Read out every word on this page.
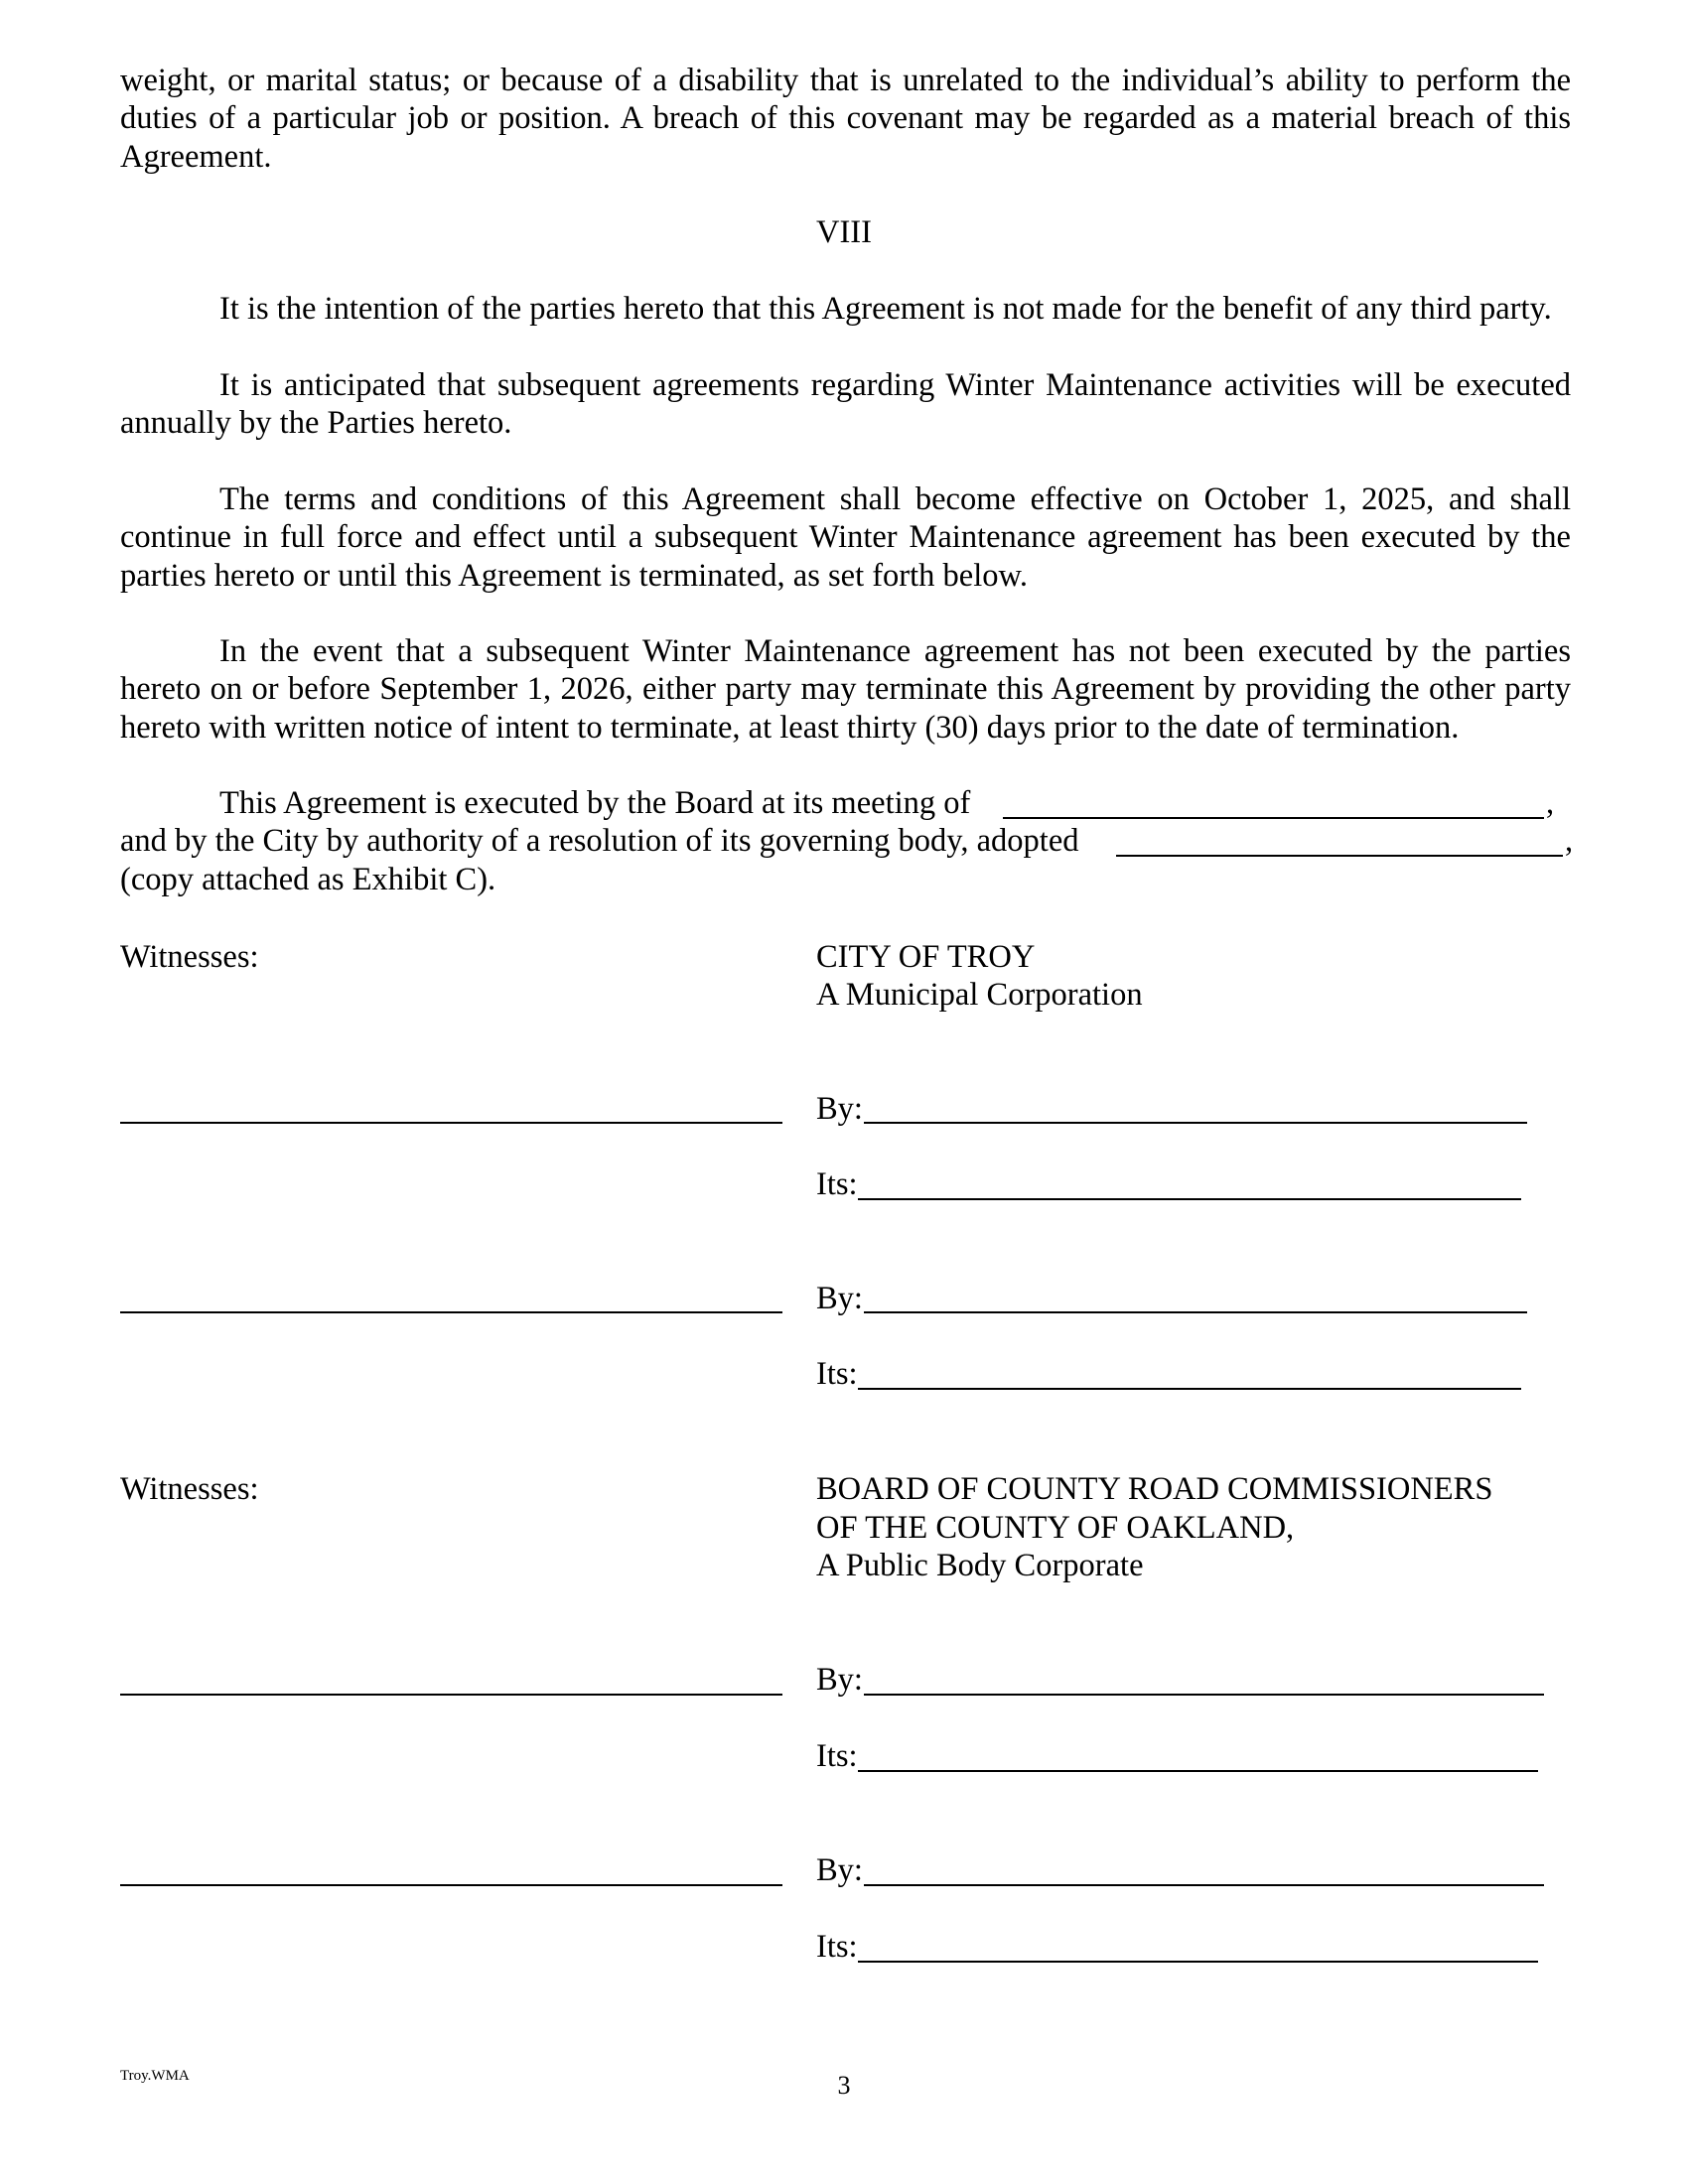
weight, or marital status; or because of a disability that is unrelated to the individual’s ability to perform the
duties of a particular job or position. A breach of this covenant may be regarded as a material breach of this
Agreement.
VIII
It is the intention of the parties hereto that this Agreement is not made for the benefit of any third party.
It is anticipated that subsequent agreements regarding Winter Maintenance activities will be executed
annually by the Parties hereto.
The terms and conditions of this Agreement shall become effective on October 1, 2025, and shall
continue in full force and effect until a subsequent Winter Maintenance agreement has been executed by the
parties hereto or until this Agreement is terminated, as set forth below.
In the event that a subsequent Winter Maintenance agreement has not been executed by the parties
hereto on or before September 1, 2026, either party may terminate this Agreement by providing the other party
hereto with written notice of intent to terminate, at least thirty (30) days prior to the date of termination.
This Agreement is executed by the Board at its meeting of	,
and by the City by authority of a resolution of its governing body, adopted	,
(copy attached as Exhibit C).
Witnesses:	CITY OF TROY
A Municipal Corporation
By:
Its:
By:
Its:
Witnesses:	BOARD OF COUNTY ROAD COMMISSIONERS
OF THE COUNTY OF OAKLAND,
A Public Body Corporate
By:
Its:
By:
Its:
Troy.WMA	3
